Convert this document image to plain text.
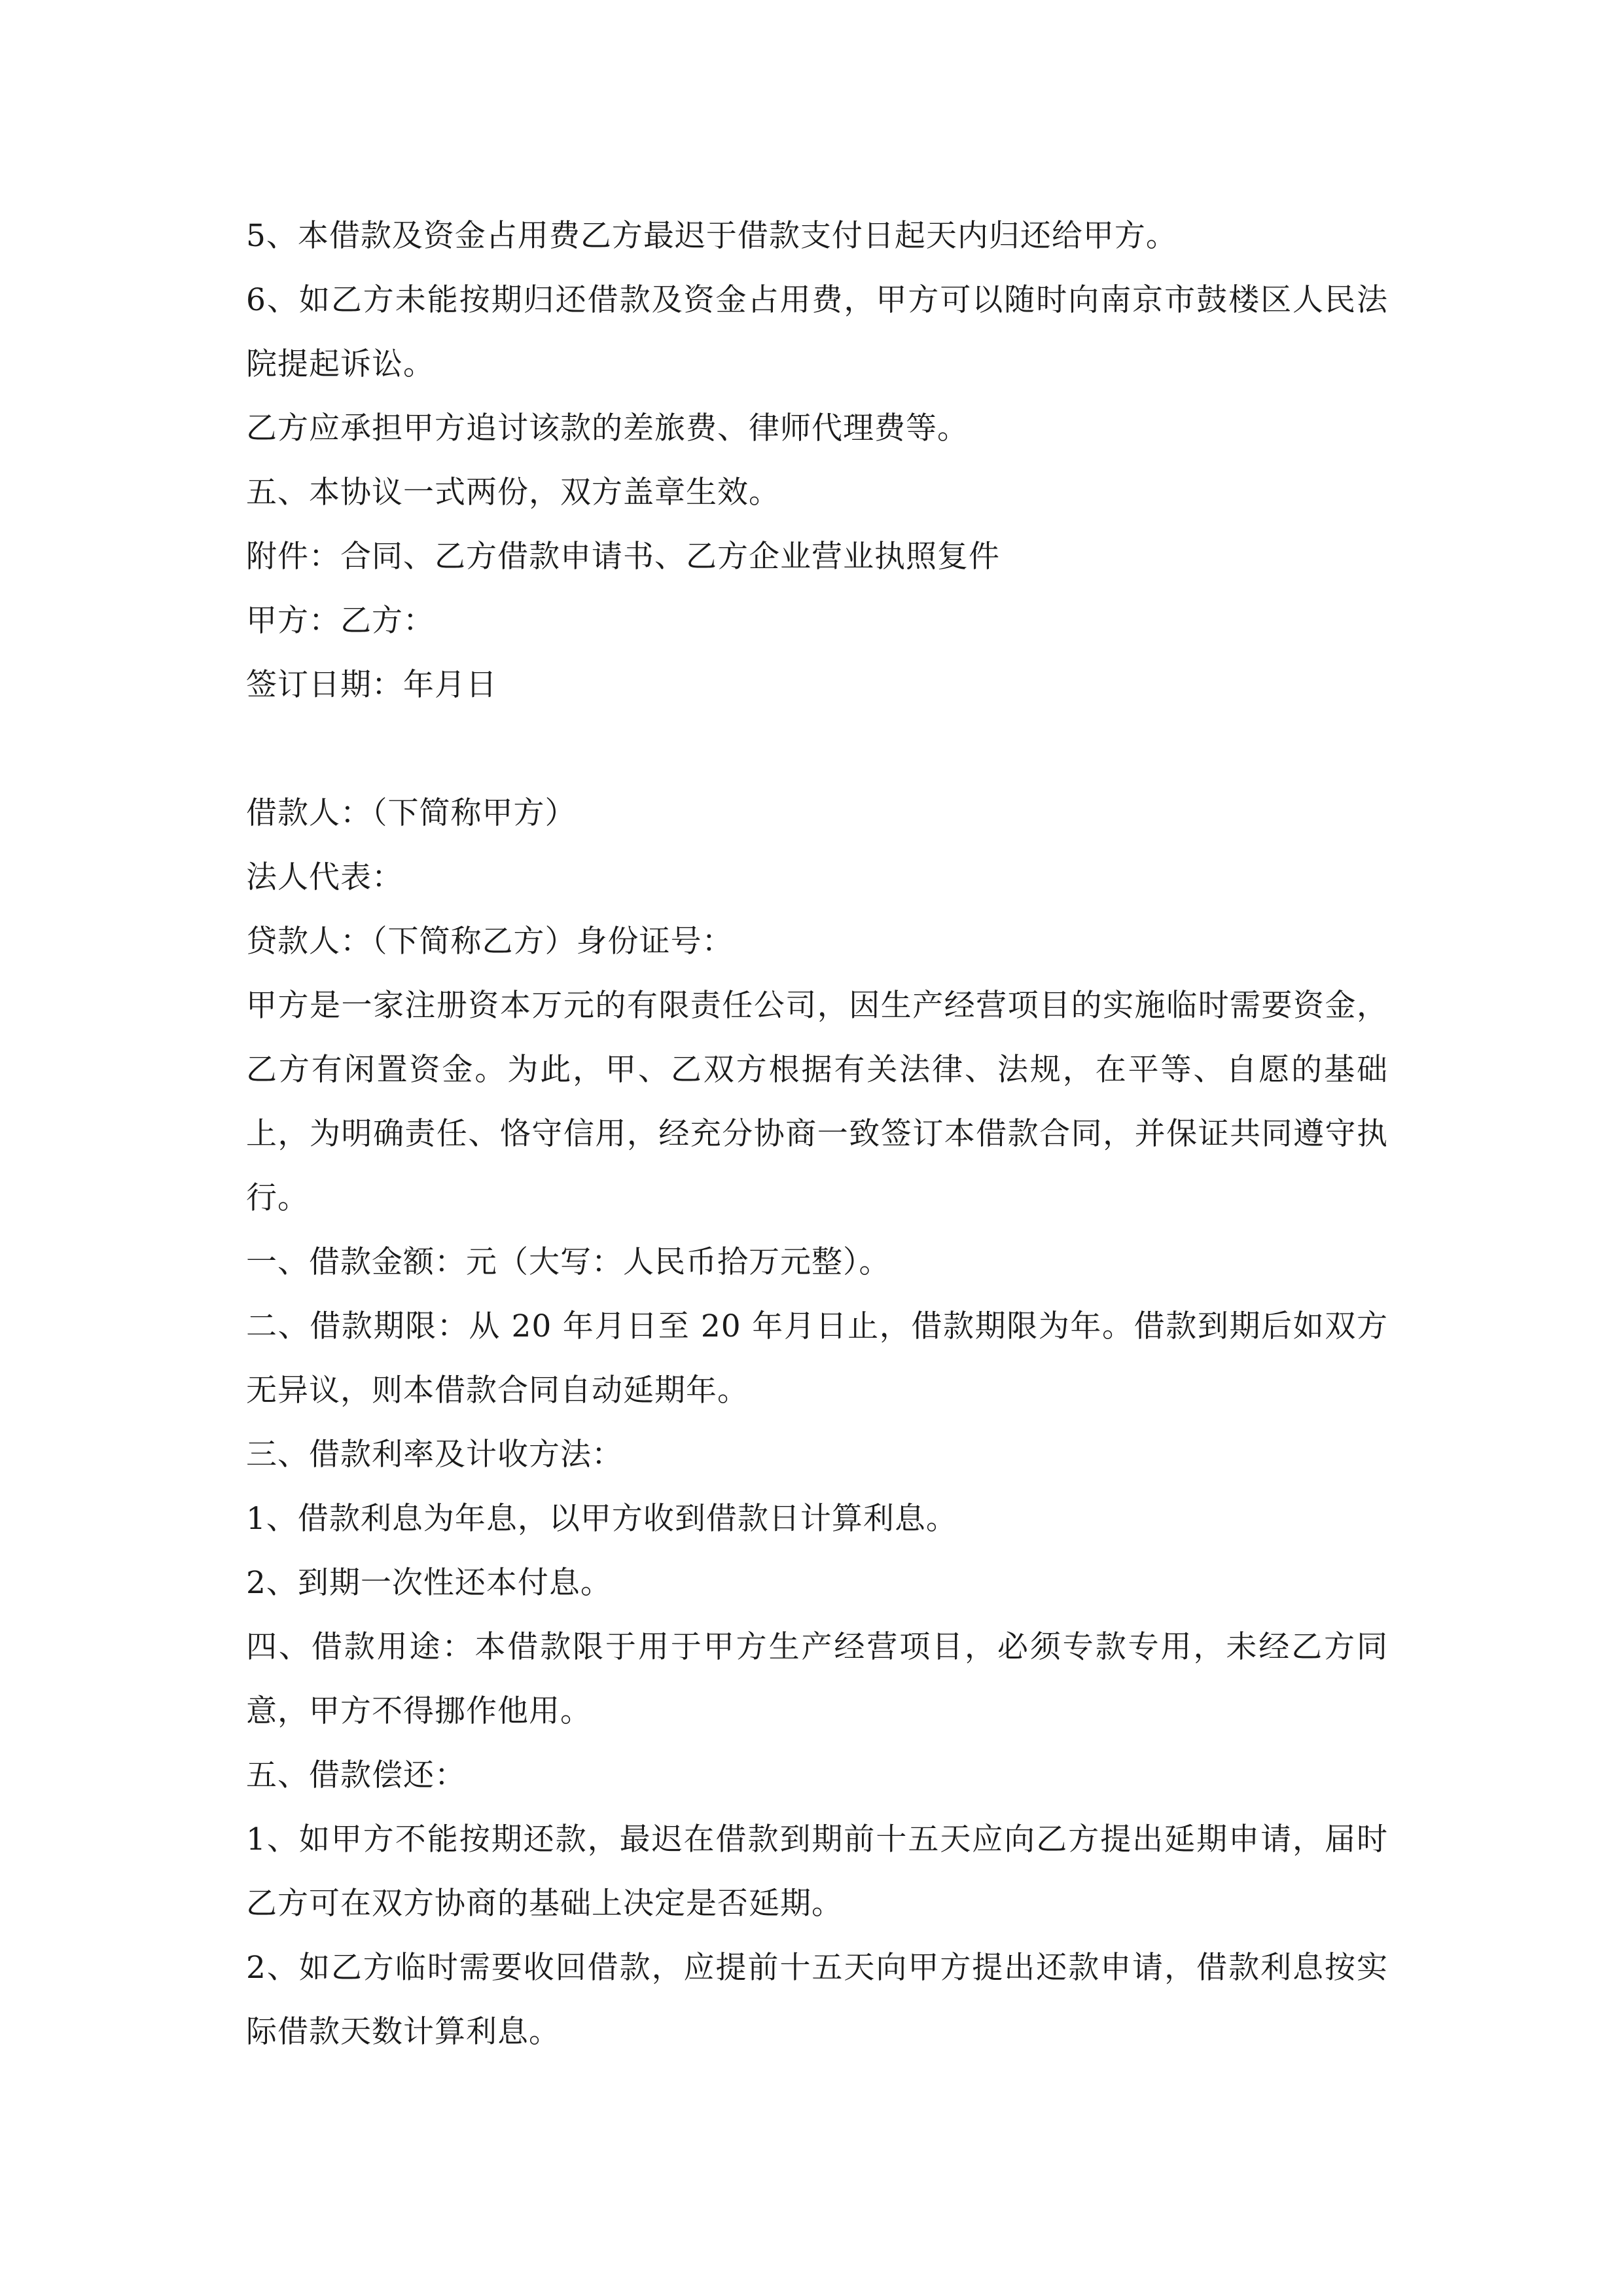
5、本借款及资金占用费乙方最迟于借款支付日起天内归还给甲方。

6、如乙方未能按期归还借款及资金占用费，甲方可以随时向南京市鼓楼区人民法院提起诉讼。

乙方应承担甲方追讨该款的差旅费、律师代理费等。

五、本协议一式两份，双方盖章生效。

附件：合同、乙方借款申请书、乙方企业营业执照复件

甲方：乙方：

签订日期：年月日

借款人：（下简称甲方）

法人代表：

贷款人：（下简称乙方）身份证号：

甲方是一家注册资本万元的有限责任公司，因生产经营项目的实施临时需要资金，乙方有闲置资金。为此，甲、乙双方根据有关法律、法规，在平等、自愿的基础上，为明确责任、恪守信用，经充分协商一致签订本借款合同，并保证共同遵守执行。

一、借款金额：元（大写：人民币拾万元整）。

二、借款期限：从 20 年月日至 20 年月日止，借款期限为年。借款到期后如双方无异议，则本借款合同自动延期年。

三、借款利率及计收方法：

1、借款利息为年息，以甲方收到借款日计算利息。

2、到期一次性还本付息。

四、借款用途：本借款限于用于甲方生产经营项目，必须专款专用，未经乙方同意，甲方不得挪作他用。

五、借款偿还：

1、如甲方不能按期还款，最迟在借款到期前十五天应向乙方提出延期申请，届时乙方可在双方协商的基础上决定是否延期。

2、如乙方临时需要收回借款，应提前十五天向甲方提出还款申请，借款利息按实际借款天数计算利息。
